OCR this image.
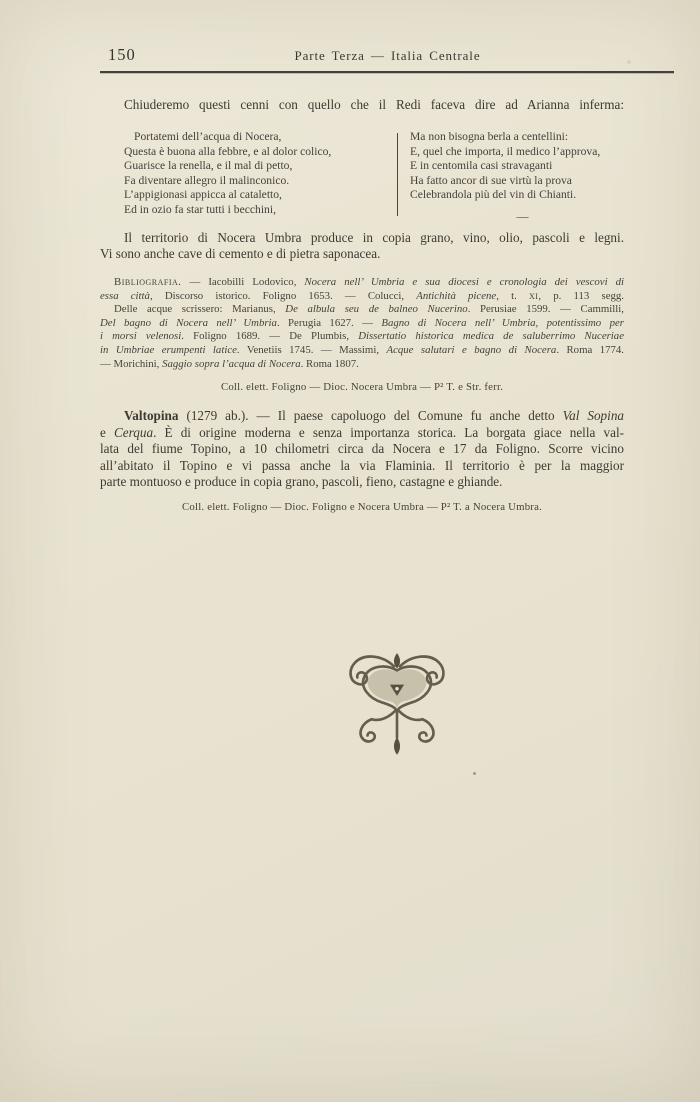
150	Parte Terza — Italia Centrale
Chiuderemo questi cenni con quello che il Redi faceva dire ad Arianna inferma:
Portatemi dell’acqua di Nocera,
Questa è buona alla febbre, e al dolor colico,
Guarisce la renella, e il mal di petto,
Fa diventare allegro il malinconico.
L’appigionasi appicca al cataletto,
Ed in ozio fa star tutti i becchini,
Ma non bisogna berla a centellini:
E, quel che importa, il medico l’approva,
E in centomila casi stravaganti
Ha fatto ancor di sue virtù la prova
Celebrandola più del vin di Chianti.
—
Il territorio di Nocera Umbra produce in copia grano, vino, olio, pascoli e legni.
Vi sono anche cave di cemento e di pietra saponacea.
Bibliografia. — Iacobilli Lodovico, Nocera nell’ Umbria e sua diocesi e cronologia dei vescovi di
essa città, Discorso istorico. Foligno 1653. — Colucci, Antichità picene, t. xi, p. 113 segg.
Delle acque scrissero: Marianus, De albula seu de balneo Nucerino. Perusiae 1599. — Cammilli,
Del bagno di Nocera nell’ Umbria. Perugia 1627. — Bagno di Nocera nell’ Umbria, potentissimo per
i morsi velenosi. Foligno 1689. — De Plumbis, Dissertatio historica medica de saluberrimo Nuceriae
in Umbriae erumpenti latice. Venetiis 1745. — Massimi, Acque salutari e bagno di Nocera. Roma 1774.
— Morichini, Saggio sopra l’acqua di Nocera. Roma 1807.
Coll. elett. Foligno — Dioc. Nocera Umbra — P² T. e Str. ferr.
Valtopina (1279 ab.). — Il paese capoluogo del Comune fu anche detto Val Sopina
e Cerqua. È di origine moderna e senza importanza storica. La borgata giace nella val-
lata del fiume Topino, a 10 chilometri circa da Nocera e 17 da Foligno. Scorre vicino
all’abitato il Topino e vi passa anche la via Flaminia. Il territorio è per la maggior
parte montuoso e produce in copia grano, pascoli, fieno, castagne e ghiande.
Coll. elett. Foligno — Dioc. Foligno e Nocera Umbra — P² T. a Nocera Umbra.
